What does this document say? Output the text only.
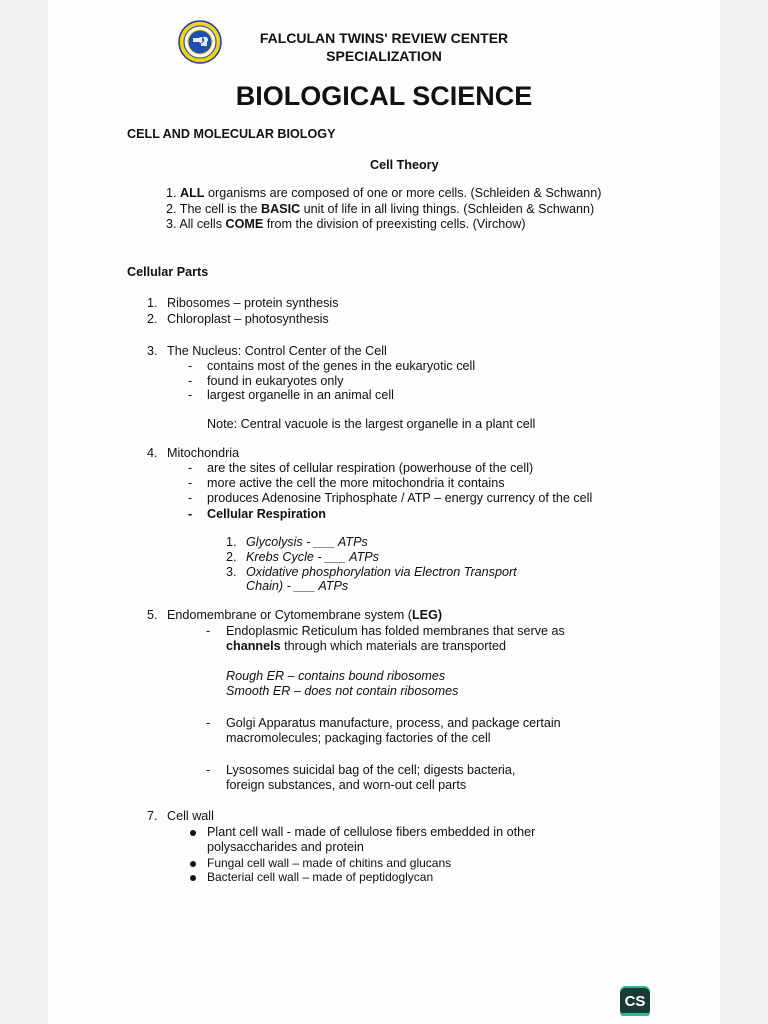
FALCULAN TWINS' REVIEW CENTER
SPECIALIZATION
BIOLOGICAL SCIENCE
CELL AND MOLECULAR BIOLOGY
Cell Theory
1. ALL organisms are composed of one or more cells. (Schleiden & Schwann)
2. The cell is the BASIC unit of life in all living things. (Schleiden & Schwann)
3. All cells COME from the division of preexisting cells. (Virchow)
Cellular Parts
1. Ribosomes – protein synthesis
2. Chloroplast – photosynthesis
3. The Nucleus: Control Center of the Cell
- contains most of the genes in the eukaryotic cell
- found in eukaryotes only
- largest organelle in an animal cell
Note: Central vacuole is the largest organelle in a plant cell
4. Mitochondria
- are the sites of cellular respiration (powerhouse of the cell)
- more active the cell the more mitochondria it contains
- produces Adenosine Triphosphate / ATP – energy currency of the cell
- Cellular Respiration
1. Glycolysis - ___ ATPs
2. Krebs Cycle - ___ ATPs
3. Oxidative phosphorylation via Electron Transport
Chain) - ___ ATPs
5. Endomembrane or Cytomembrane system (LEG)
- Endoplasmic Reticulum has folded membranes that serve as
channels through which materials are transported
Rough ER – contains bound ribosomes
Smooth ER – does not contain ribosomes
- Golgi Apparatus manufacture, process, and package certain
macromolecules; packaging factories of the cell
- Lysosomes suicidal bag of the cell; digests bacteria,
foreign substances, and worn-out cell parts
7. Cell wall
Plant cell wall - made of cellulose fibers embedded in other
polysaccharides and protein
Fungal cell wall – made of chitins and glucans
Bacterial cell wall – made of peptidoglycan
CS
